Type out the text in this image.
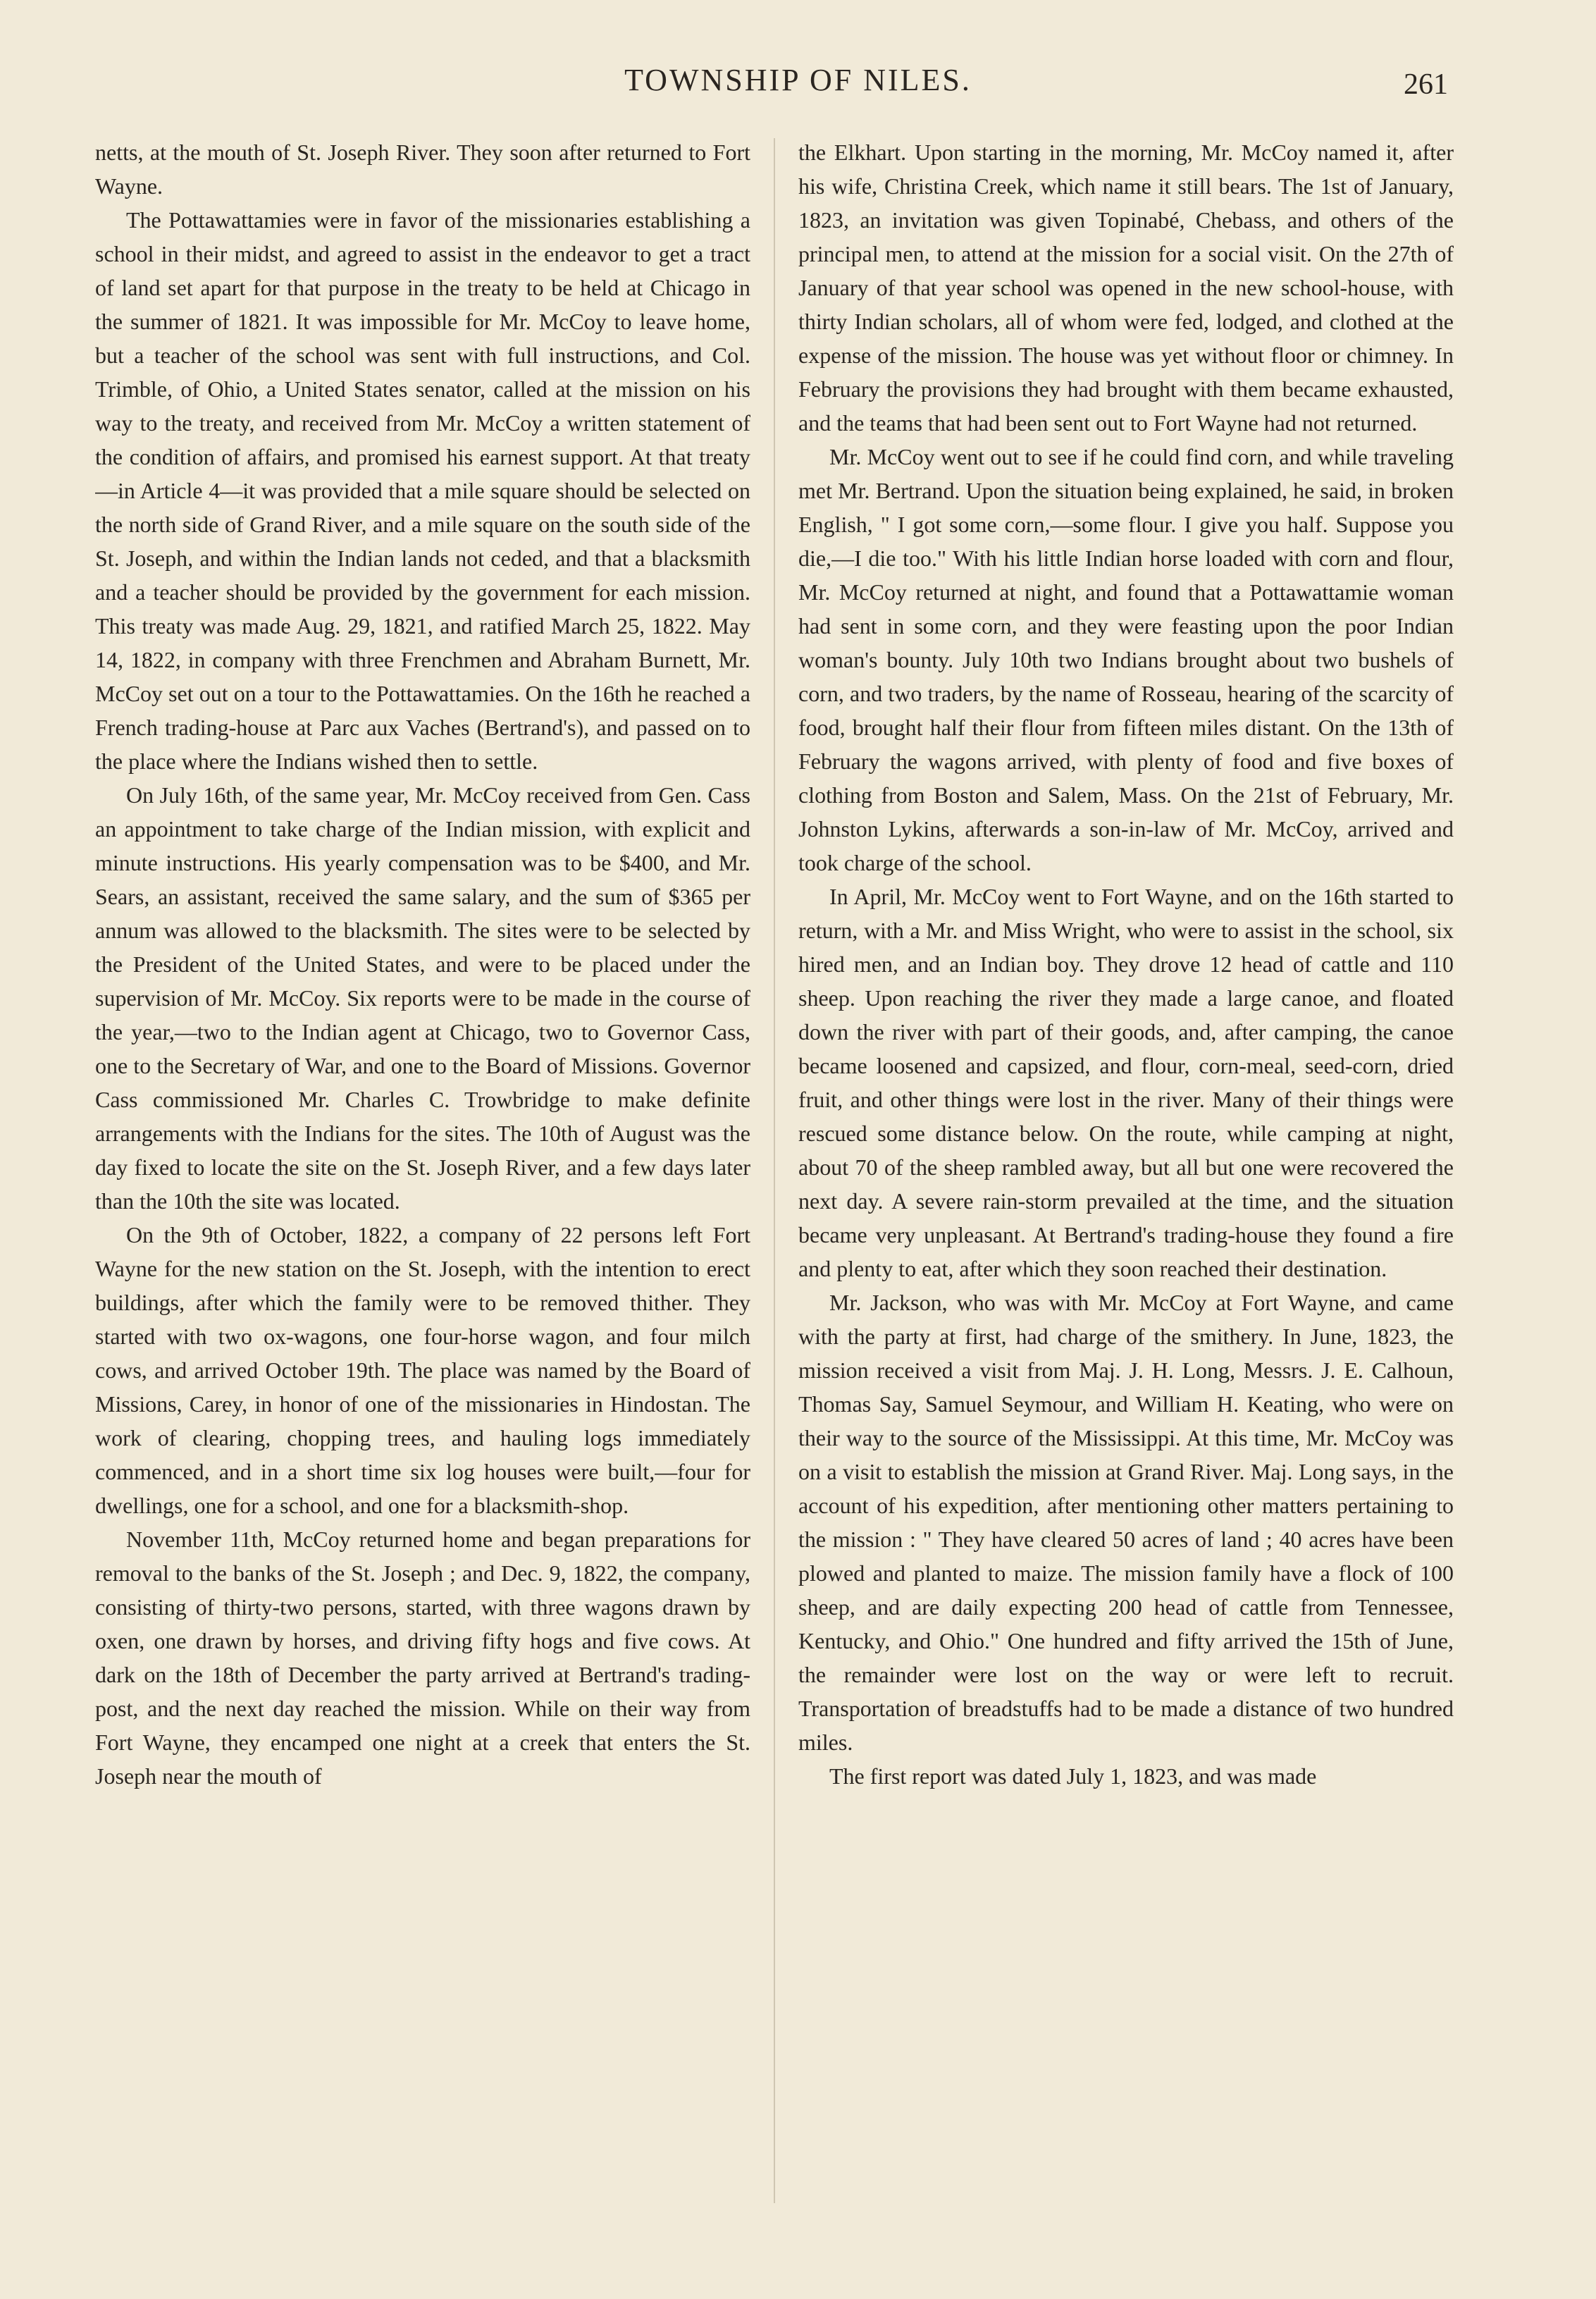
TOWNSHIP OF NILES.	261

netts, at the mouth of St. Joseph River. They soon after returned to Fort Wayne.

The Pottawattamies were in favor of the missionaries establishing a school in their midst, and agreed to assist in the endeavor to get a tract of land set apart for that purpose in the treaty to be held at Chicago in the summer of 1821. It was impossible for Mr. McCoy to leave home, but a teacher of the school was sent with full instructions, and Col. Trimble, of Ohio, a United States senator, called at the mission on his way to the treaty, and received from Mr. McCoy a written statement of the condition of affairs, and promised his earnest support. At that treaty—in Article 4—it was provided that a mile square should be selected on the north side of Grand River, and a mile square on the south side of the St. Joseph, and within the Indian lands not ceded, and that a blacksmith and a teacher should be provided by the government for each mission. This treaty was made Aug. 29, 1821, and ratified March 25, 1822. May 14, 1822, in company with three Frenchmen and Abraham Burnett, Mr. McCoy set out on a tour to the Pottawattamies. On the 16th he reached a French trading-house at Parc aux Vaches (Bertrand's), and passed on to the place where the Indians wished then to settle.

On July 16th, of the same year, Mr. McCoy received from Gen. Cass an appointment to take charge of the Indian mission, with explicit and minute instructions. His yearly compensation was to be $400, and Mr. Sears, an assistant, received the same salary, and the sum of $365 per annum was allowed to the blacksmith. The sites were to be selected by the President of the United States, and were to be placed under the supervision of Mr. McCoy. Six reports were to be made in the course of the year,—two to the Indian agent at Chicago, two to Governor Cass, one to the Secretary of War, and one to the Board of Missions. Governor Cass commissioned Mr. Charles C. Trowbridge to make definite arrangements with the Indians for the sites. The 10th of August was the day fixed to locate the site on the St. Joseph River, and a few days later than the 10th the site was located.

On the 9th of October, 1822, a company of 22 persons left Fort Wayne for the new station on the St. Joseph, with the intention to erect buildings, after which the family were to be removed thither. They started with two ox-wagons, one four-horse wagon, and four milch cows, and arrived October 19th. The place was named by the Board of Missions, Carey, in honor of one of the missionaries in Hindostan. The work of clearing, chopping trees, and hauling logs immediately commenced, and in a short time six log houses were built,—four for dwellings, one for a school, and one for a blacksmith-shop.

November 11th, McCoy returned home and began preparations for removal to the banks of the St. Joseph ; and Dec. 9, 1822, the company, consisting of thirty-two persons, started, with three wagons drawn by oxen, one drawn by horses, and driving fifty hogs and five cows. At dark on the 18th of December the party arrived at Bertrand's trading-post, and the next day reached the mission. While on their way from Fort Wayne, they encamped one night at a creek that enters the St. Joseph near the mouth of

the Elkhart. Upon starting in the morning, Mr. McCoy named it, after his wife, Christina Creek, which name it still bears. The 1st of January, 1823, an invitation was given Topinabé, Chebass, and others of the principal men, to attend at the mission for a social visit. On the 27th of January of that year school was opened in the new school-house, with thirty Indian scholars, all of whom were fed, lodged, and clothed at the expense of the mission. The house was yet without floor or chimney. In February the provisions they had brought with them became exhausted, and the teams that had been sent out to Fort Wayne had not returned.

Mr. McCoy went out to see if he could find corn, and while traveling met Mr. Bertrand. Upon the situation being explained, he said, in broken English, " I got some corn,—some flour. I give you half. Suppose you die,—I die too." With his little Indian horse loaded with corn and flour, Mr. McCoy returned at night, and found that a Pottawattamie woman had sent in some corn, and they were feasting upon the poor Indian woman's bounty. July 10th two Indians brought about two bushels of corn, and two traders, by the name of Rosseau, hearing of the scarcity of food, brought half their flour from fifteen miles distant. On the 13th of February the wagons arrived, with plenty of food and five boxes of clothing from Boston and Salem, Mass. On the 21st of February, Mr. Johnston Lykins, afterwards a son-in-law of Mr. McCoy, arrived and took charge of the school.

In April, Mr. McCoy went to Fort Wayne, and on the 16th started to return, with a Mr. and Miss Wright, who were to assist in the school, six hired men, and an Indian boy. They drove 12 head of cattle and 110 sheep. Upon reaching the river they made a large canoe, and floated down the river with part of their goods, and, after camping, the canoe became loosened and capsized, and flour, corn-meal, seed-corn, dried fruit, and other things were lost in the river. Many of their things were rescued some distance below. On the route, while camping at night, about 70 of the sheep rambled away, but all but one were recovered the next day. A severe rain-storm prevailed at the time, and the situation became very unpleasant. At Bertrand's trading-house they found a fire and plenty to eat, after which they soon reached their destination.

Mr. Jackson, who was with Mr. McCoy at Fort Wayne, and came with the party at first, had charge of the smithery. In June, 1823, the mission received a visit from Maj. J. H. Long, Messrs. J. E. Calhoun, Thomas Say, Samuel Seymour, and William H. Keating, who were on their way to the source of the Mississippi. At this time, Mr. McCoy was on a visit to establish the mission at Grand River. Maj. Long says, in the account of his expedition, after mentioning other matters pertaining to the mission : " They have cleared 50 acres of land ; 40 acres have been plowed and planted to maize. The mission family have a flock of 100 sheep, and are daily expecting 200 head of cattle from Tennessee, Kentucky, and Ohio." One hundred and fifty arrived the 15th of June, the remainder were lost on the way or were left to recruit. Transportation of breadstuffs had to be made a distance of two hundred miles.

The first report was dated July 1, 1823, and was made
